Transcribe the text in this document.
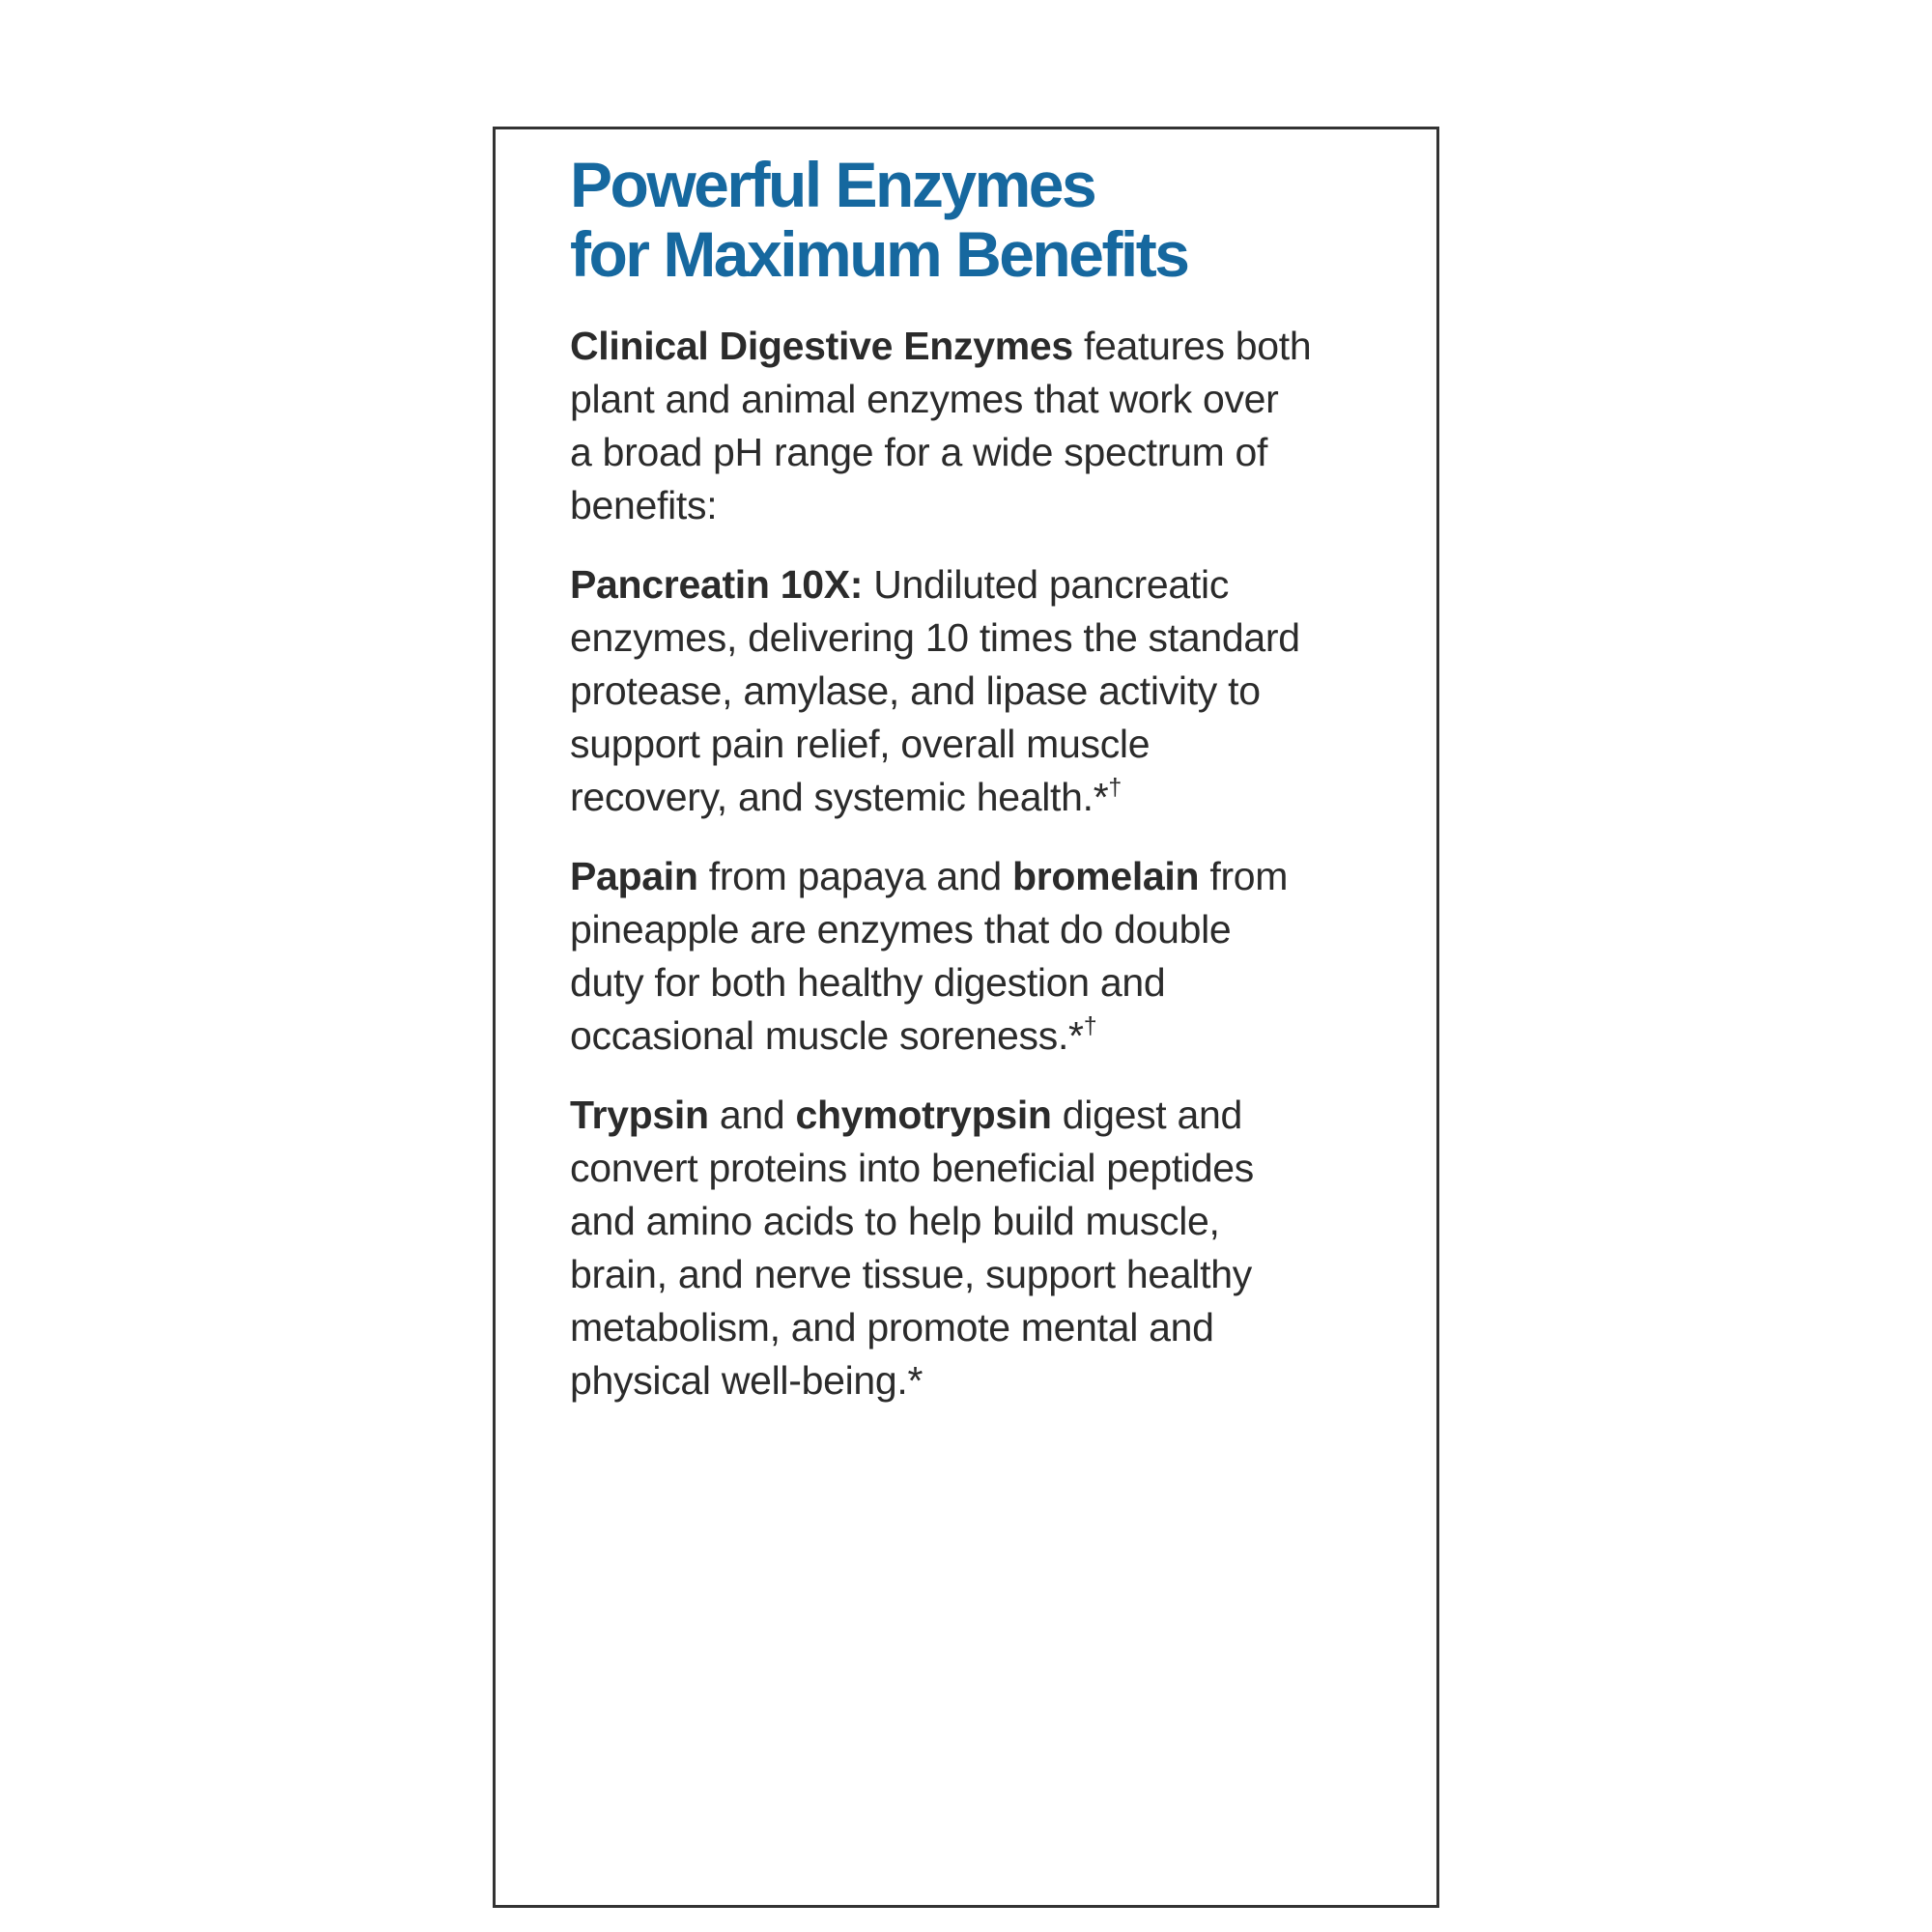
Powerful Enzymes
for Maximum Benefits

Clinical Digestive Enzymes features both
plant and animal enzymes that work over
a broad pH range for a wide spectrum of
benefits:

Pancreatin 10X: Undiluted pancreatic
enzymes, delivering 10 times the standard
protease, amylase, and lipase activity to
support pain relief, overall muscle
recovery, and systemic health.*†

Papain from papaya and bromelain from
pineapple are enzymes that do double
duty for both healthy digestion and
occasional muscle soreness.*†

Trypsin and chymotrypsin digest and
convert proteins into beneficial peptides
and amino acids to help build muscle,
brain, and nerve tissue, support healthy
metabolism, and promote mental and
physical well-being.*
